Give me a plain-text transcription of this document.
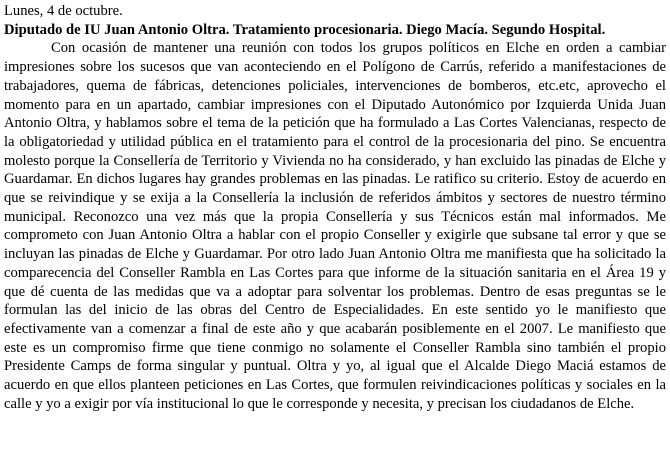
Lunes, 4 de octubre.

Diputado de IU Juan Antonio Oltra. Tratamiento procesionaria. Diego Macía. Segundo Hospital.

Con ocasión de mantener una reunión con todos los grupos políticos en Elche en orden a cambiar impresiones sobre los sucesos que van aconteciendo en el Polígono de Carrús, referido a manifestaciones de trabajadores, quema de fábricas, detenciones policiales, intervenciones de bomberos, etc.etc, aprovecho el momento para en un apartado, cambiar impresiones con el Diputado Autonómico por Izquierda Unida Juan Antonio Oltra, y hablamos sobre el tema de la petición que ha formulado a Las Cortes Valencianas, respecto de la obligatoriedad y utilidad pública en el tratamiento para el control de la procesionaria del pino. Se encuentra molesto porque la Consellería de Territorio y Vivienda no ha considerado, y han excluido las pinadas de Elche y Guardamar. En dichos lugares hay grandes problemas en las pinadas. Le ratifico su criterio. Estoy de acuerdo en que se reivindique y se exija a la Consellería la inclusión de referidos ámbitos y sectores de nuestro término municipal. Reconozco una vez más que la propia Consellería y sus Técnicos están mal informados. Me comprometo con Juan Antonio Oltra a hablar con el propio Conseller y exigirle que subsane tal error y que se incluyan las pinadas de Elche y Guardamar. Por otro lado Juan Antonio Oltra me manifiesta que ha solicitado la comparecencia del Conseller Rambla en Las Cortes para que informe de la situación sanitaria en el Área 19 y que dé cuenta de las medidas que va a adoptar para solventar los problemas. Dentro de esas preguntas se le formulan las del inicio de las obras del Centro de Especialidades. En este sentido yo le manifiesto que efectivamente van a comenzar a final de este año y que acabarán posiblemente en el 2007. Le manifiesto que este es un compromiso firme que tiene conmigo no solamente el Conseller Rambla sino también el propio Presidente Camps de forma singular y puntual. Oltra y yo, al igual que el Alcalde Diego Maciá estamos de acuerdo en que ellos planteen peticiones en Las Cortes, que formulen reivindicaciones políticas y sociales en la calle y yo a exigir por vía institucional lo que le corresponde y necesita, y precisan los ciudadanos de Elche.
